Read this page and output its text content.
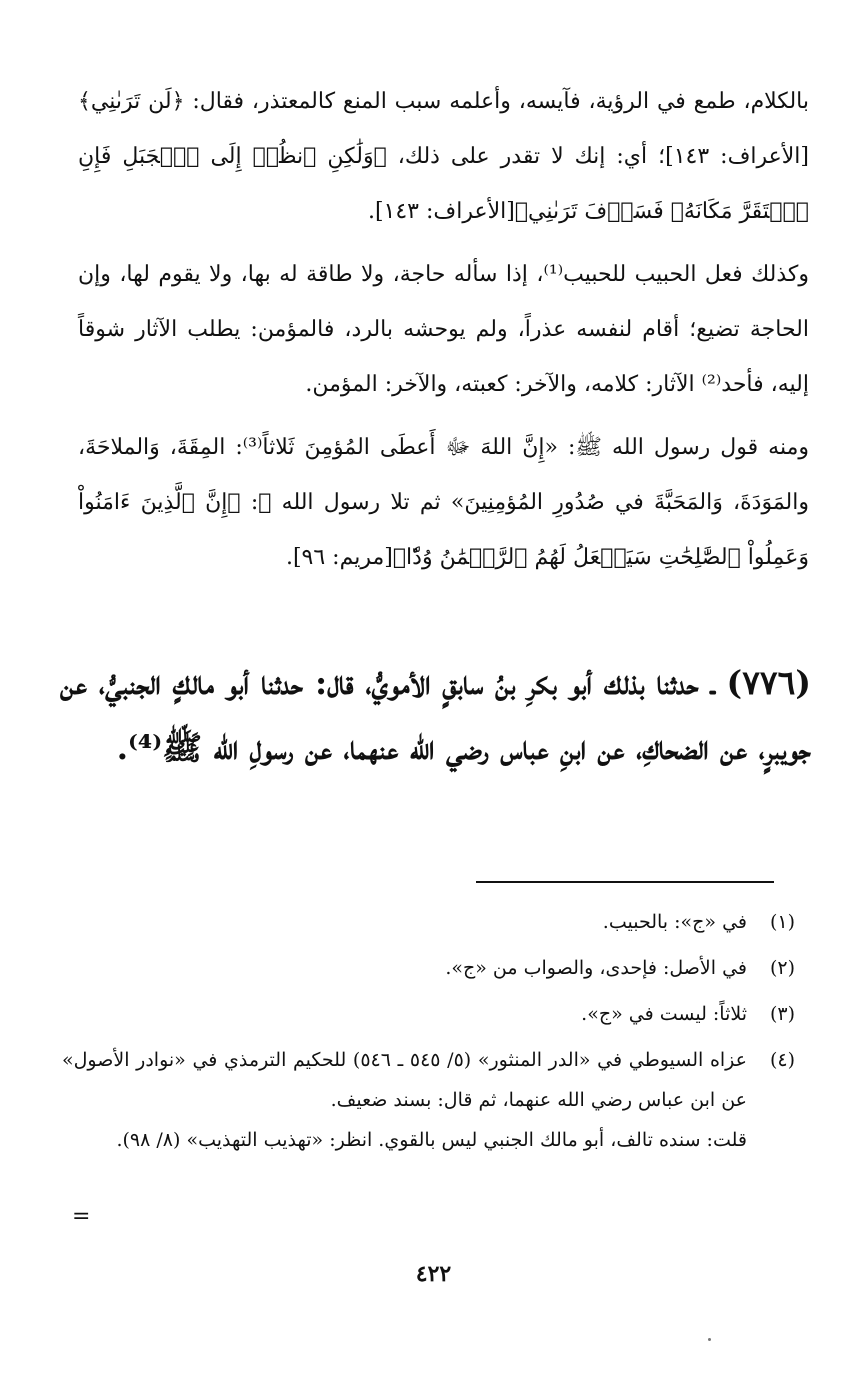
بالكلام، طمع في الرؤية، فآيسه، وأعلمه سبب المنع كالمعتذر، فقال: ﴿لَن تَرَىٰنِي﴾[الأعراف: ١٤٣]؛ أي: إنك لا تقدر على ذلك، ﴿وَلَٰكِنِ ٱنظُرۡ إِلَى ٱلۡجَبَلِ فَإِنِ ٱسۡتَقَرَّ مَكَانَهُۥ فَسَوۡفَ تَرَىٰنِي﴾[الأعراف: ١٤٣].

وكذلك فعل الحبيب للحبيب⁽¹⁾، إذا سأله حاجة، ولا طاقة له بها، ولا يقوم لها، وإن الحاجة تضيع؛ أقام لنفسه عذراً، ولم يوحشه بالرد، فالمؤمن: يطلب الآثار شوقاً إليه، فأحد⁽²⁾ الآثار: كلامه، والآخر: كعبته، والآخر: المؤمن.

ومنه قول رسول الله ﷺ: «إِنَّ اللهَ ﷻ أَعطَى المُؤمِنَ ثَلاثاً⁽³⁾: المِقَةَ، وَالملاحَةَ، والمَوَدَةَ، وَالمَحَبَّةَ في صُدُورِ المُؤمِنِينَ» ثم تلا رسول الله ﷺ: ﴿إِنَّ ٱلَّذِينَ ءَامَنُواْ وَعَمِلُواْ ٱلصَّٰلِحَٰتِ سَيَجۡعَلُ لَهُمُ ٱلرَّحۡمَٰنُ وُدّٗا﴾[مريم: ٩٦].

(٧٧٦) ـ حدثنا بذلك أبو بكرِ بنُ سابقٍ الأمويُّ، قال: حدثنا أبو مالكٍ الجنبيُّ، عن جويبرٍ، عن الضحاكِ، عن ابنِ عباس رضي الله عنهما، عن رسولِ الله ﷺ⁽⁴⁾.

(١)

في «ج»: بالحبيب.

(٢)

في الأصل: فإحدى، والصواب من «ج».

(٣)

ثلاثاً: ليست في «ج».

(٤)

عزاه السيوطي في «الدر المنثور» (٥/ ٥٤٥ ـ ٥٤٦) للحكيم الترمذي في «نوادر الأصول» عن ابن عباس رضي الله عنهما، ثم قال: بسند ضعيف.

قلت: سنده تالف، أبو مالك الجنبي ليس بالقوي. انظر: «تهذيب التهذيب» (٨/ ٩٨).

=
٤٢٢
